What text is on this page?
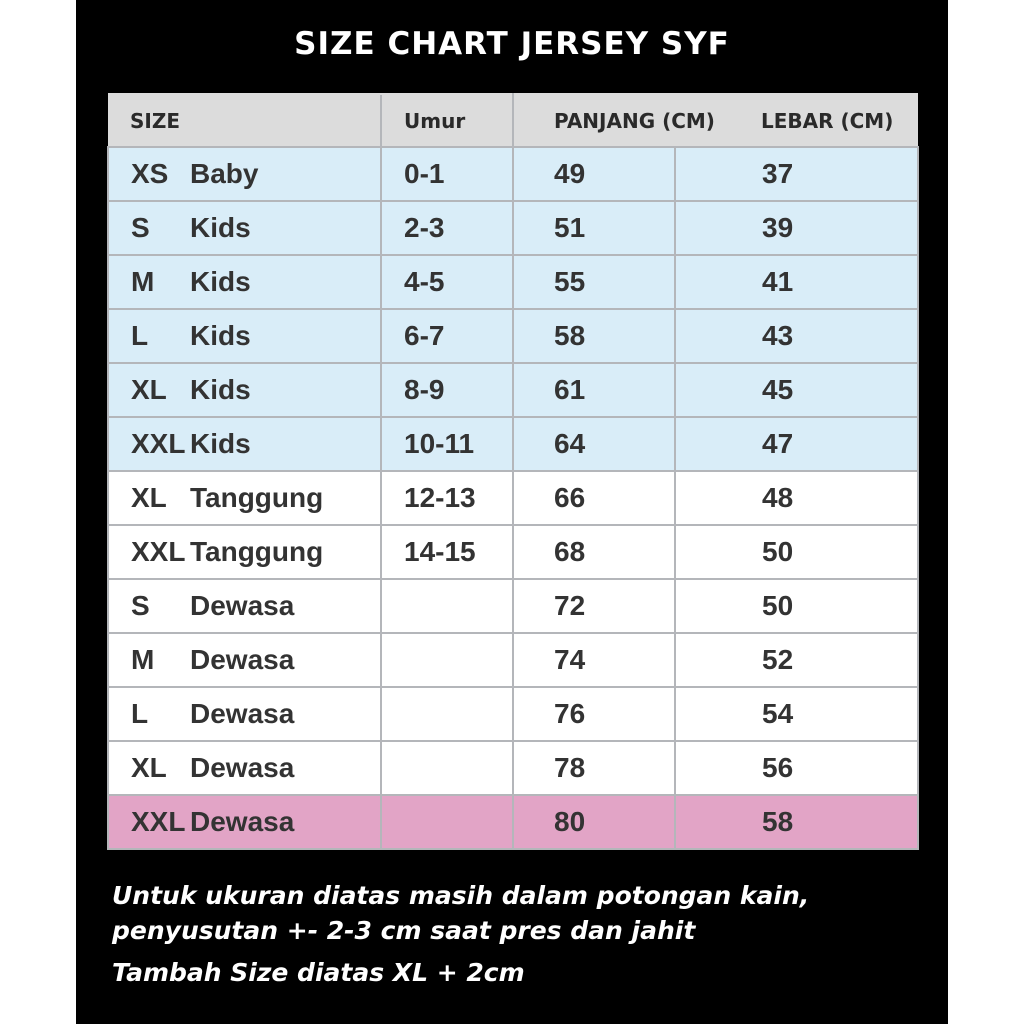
SIZE CHART JERSEY SYF
SIZE		Umur	PANJANG (CM)	LEBAR (CM)
XS	Baby	0-1	49	37
S	Kids	2-3	51	39
M	Kids	4-5	55	41
L	Kids	6-7	58	43
XL	Kids	8-9	61	45
XXL	Kids	10-11	64	47
XL	Tanggung	12-13	66	48
XXL	Tanggung	14-15	68	50
S	Dewasa		72	50
M	Dewasa		74	52
L	Dewasa		76	54
XL	Dewasa		78	56
XXL	Dewasa		80	58
Untuk ukuran diatas masih dalam potongan kain,
penyusutan +- 2-3 cm saat pres dan jahit
Tambah Size diatas XL + 2cm
